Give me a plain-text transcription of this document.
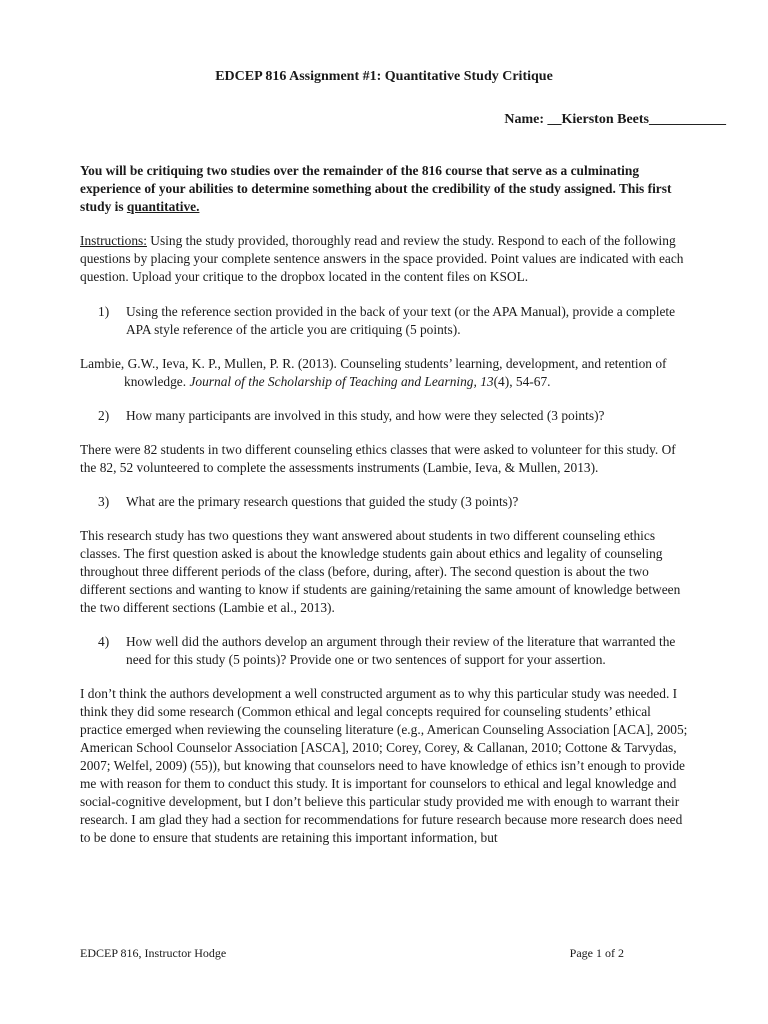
EDCEP 816 Assignment #1: Quantitative Study Critique
Name: __Kierston Beets___________

You will be critiquing two studies over the remainder of the 816 course that serve as a culminating experience of your abilities to determine something about the credibility of the study assigned. This first study is quantitative.

Instructions: Using the study provided, thoroughly read and review the study. Respond to each of the following questions by placing your complete sentence answers in the space provided. Point values are indicated with each question. Upload your critique to the dropbox located in the content files on KSOL.

1)	Using the reference section provided in the back of your text (or the APA Manual), provide a complete APA style reference of the article you are critiquing (5 points).

Lambie, G.W., Ieva, K. P., Mullen, P. R. (2013). Counseling students’ learning, development, and retention of knowledge. Journal of the Scholarship of Teaching and Learning, 13(4), 54-67.

2)	How many participants are involved in this study, and how were they selected (3 points)?

There were 82 students in two different counseling ethics classes that were asked to volunteer for this study. Of the 82, 52 volunteered to complete the assessments instruments (Lambie, Ieva, & Mullen, 2013).

3)	What are the primary research questions that guided the study (3 points)?

This research study has two questions they want answered about students in two different counseling ethics classes. The first question asked is about the knowledge students gain about ethics and legality of counseling throughout three different periods of the class (before, during, after). The second question is about the two different sections and wanting to know if students are gaining/retaining the same amount of knowledge between the two different sections (Lambie et al., 2013).

4)	How well did the authors develop an argument through their review of the literature that warranted the need for this study (5 points)? Provide one or two sentences of support for your assertion.

I don’t think the authors development a well constructed argument as to why this particular study was needed. I think they did some research (Common ethical and legal concepts required for counseling students’ ethical practice emerged when reviewing the counseling literature (e.g., American Counseling Association [ACA], 2005; American School Counselor Association [ASCA], 2010; Corey, Corey, & Callanan, 2010; Cottone & Tarvydas, 2007; Welfel, 2009) (55)), but knowing that counselors need to have knowledge of ethics isn’t enough to provide me with reason for them to conduct this study. It is important for counselors to ethical and legal knowledge and social-cognitive development, but I don’t believe this particular study provided me with enough to warrant their research. I am glad they had a section for recommendations for future research because more research does need to be done to ensure that students are retaining this important information, but

EDCEP 816, Instructor Hodge	Page 1 of 2
